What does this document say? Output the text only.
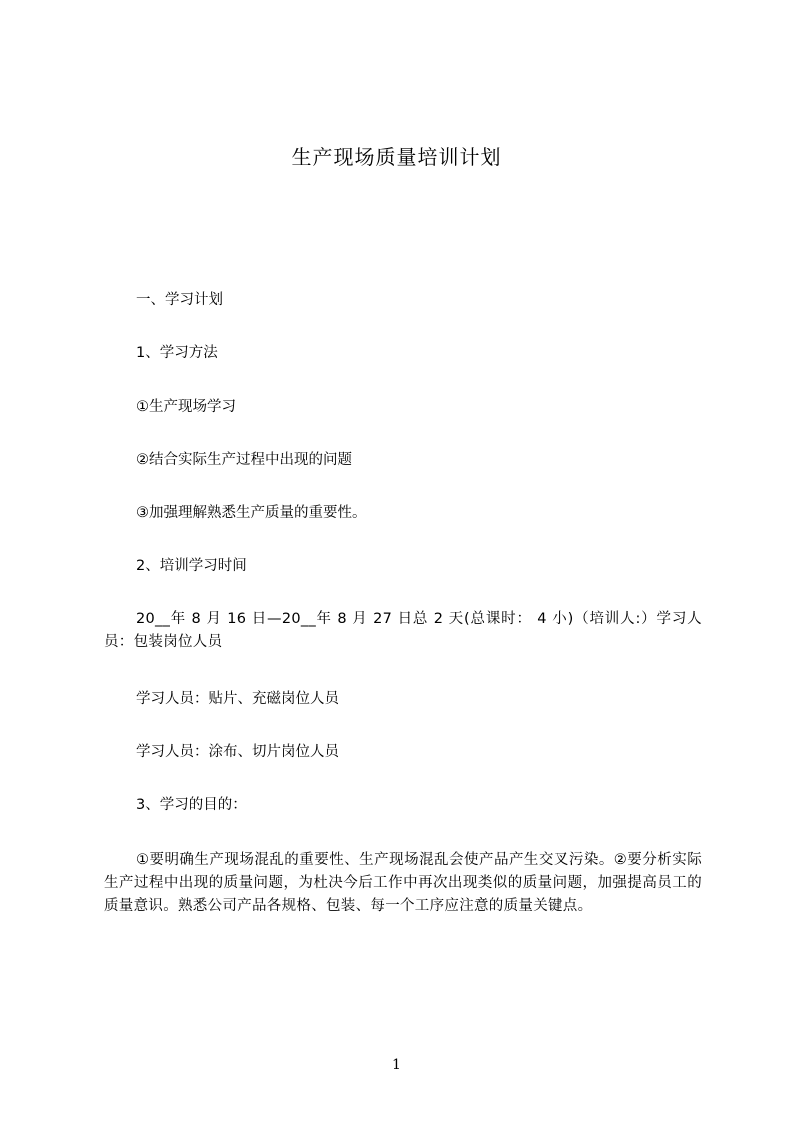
生产现场质量培训计划
一、学习计划
1、学习方法
①生产现场学习
②结合实际生产过程中出现的问题
③加强理解熟悉生产质量的重要性。
2、培训学习时间
20__年 8 月 16 日—20__年 8 月 27 日总 2 天(总课时： 4 小)（培训人:）学习人员：包装岗位人员
学习人员：贴片、充磁岗位人员
学习人员：涂布、切片岗位人员
3、学习的目的：
①要明确生产现场混乱的重要性、生产现场混乱会使产品产生交叉污染。②要分析实际生产过程中出现的质量问题，为杜决今后工作中再次出现类似的质量问题，加强提高员工的质量意识。熟悉公司产品各规格、包装、每一个工序应注意的质量关键点。
1
